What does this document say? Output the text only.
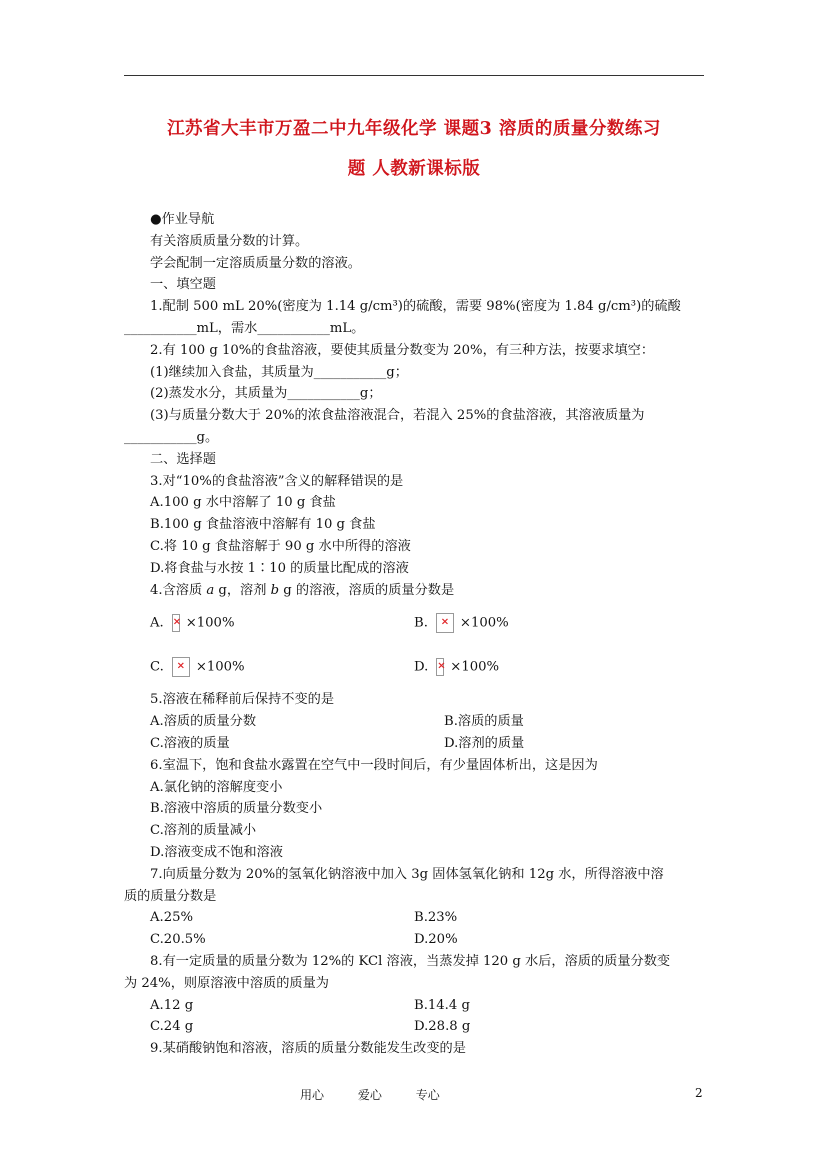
江苏省大丰市万盈二中九年级化学 课题3 溶质的质量分数练习
题 人教新课标版
●作业导航
有关溶质质量分数的计算。
学会配制一定溶质质量分数的溶液。
一、填空题
1.配制 500 mL 20%(密度为 1.14 g/cm³)的硫酸，需要 98%(密度为 1.84 g/cm³)的硫酸
___________mL，需水___________mL。
2.有 100 g 10%的食盐溶液，要使其质量分数变为 20%，有三种方法，按要求填空：
(1)继续加入食盐，其质量为___________g；
(2)蒸发水分，其质量为___________g；
(3)与质量分数大于 20%的浓食盐溶液混合，若混入 25%的食盐溶液，其溶液质量为
___________g。
二、选择题
3.对“10%的食盐溶液”含义的解释错误的是
A.100 g 水中溶解了 10 g 食盐
B.100 g 食盐溶液中溶解有 10 g 食盐
C.将 10 g 食盐溶解于 90 g 水中所得的溶液
D.将食盐与水按 1∶10 的质量比配成的溶液
4.含溶质 a g，溶剂 b g 的溶液，溶质的质量分数是
A. × ×100%	B. × ×100%
C. × ×100%	D. × ×100%
5.溶液在稀释前后保持不变的是
A.溶质的质量分数	B.溶质的质量
C.溶液的质量	D.溶剂的质量
6.室温下，饱和食盐水露置在空气中一段时间后，有少量固体析出，这是因为
A.氯化钠的溶解度变小
B.溶液中溶质的质量分数变小
C.溶剂的质量减小
D.溶液变成不饱和溶液
7.向质量分数为 20%的氢氧化钠溶液中加入 3g 固体氢氧化钠和 12g 水，所得溶液中溶
质的质量分数是
A.25%	B.23%
C.20.5%	D.20%
8.有一定质量的质量分数为 12%的 KCl 溶液，当蒸发掉 120 g 水后，溶质的质量分数变
为 24%，则原溶液中溶质的质量为
A.12 g	B.14.4 g
C.24 g	D.28.8 g
9.某硝酸钠饱和溶液，溶质的质量分数能发生改变的是
用心	爱心	专心	2
